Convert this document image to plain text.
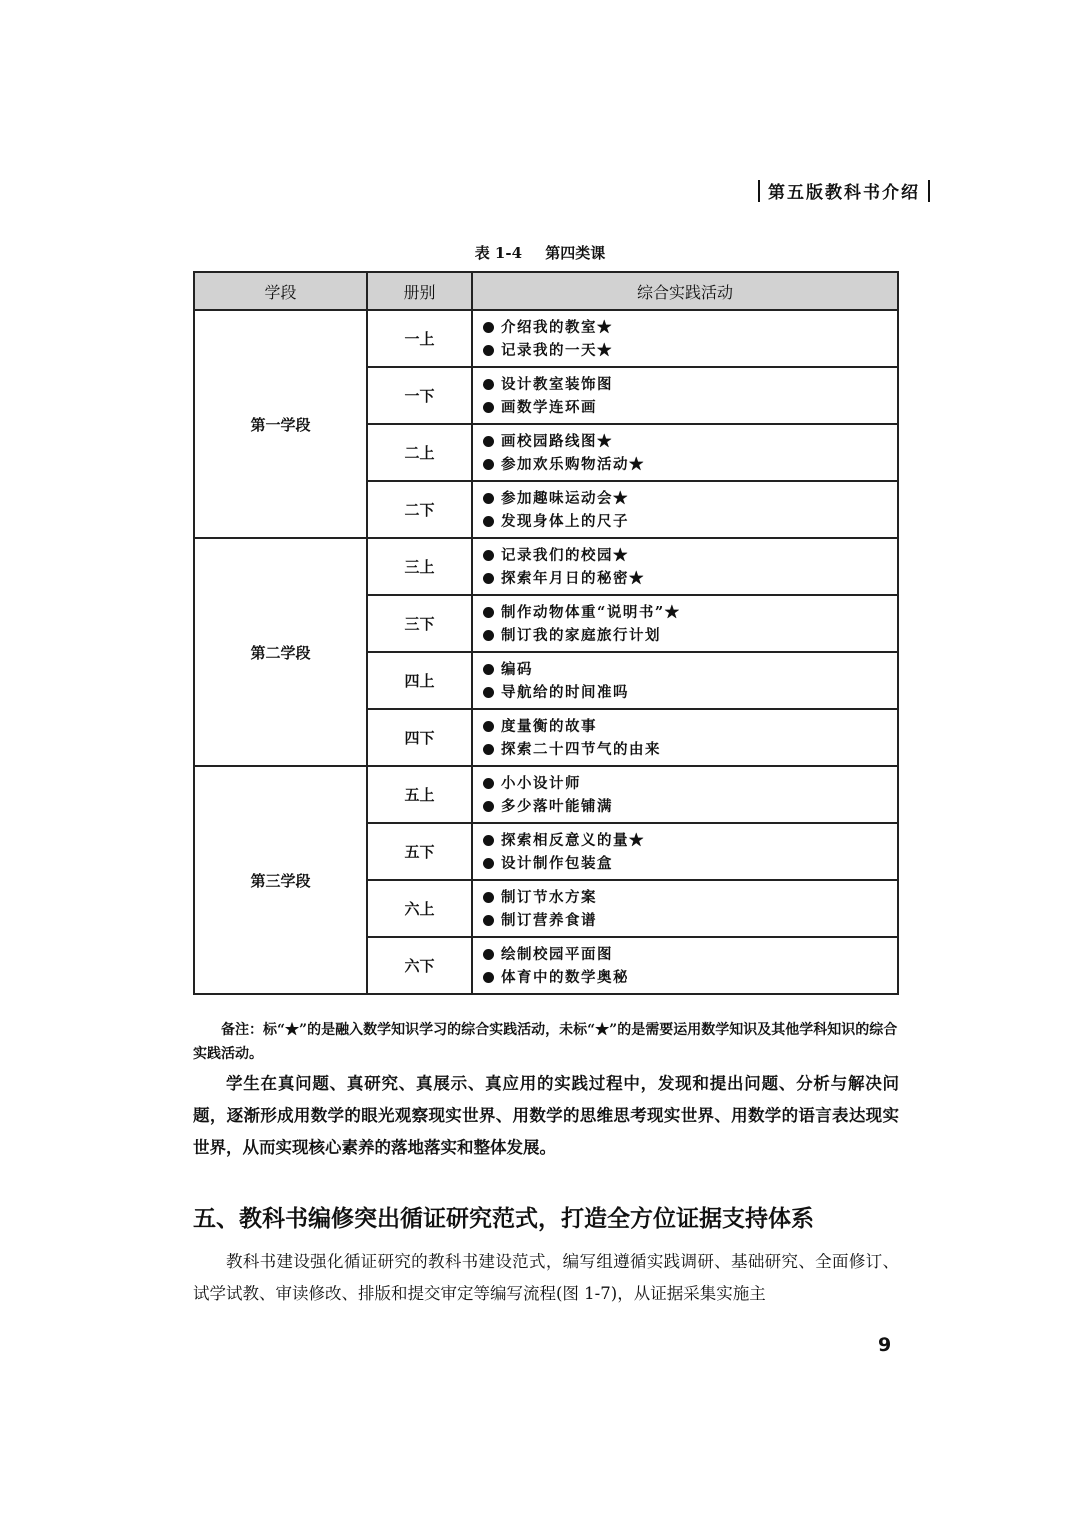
第五版教科书介绍
表 1-4 第四类课
学段	册别	综合实践活动
第一学段	一上	介绍我的教室★
记录我的一天★

	一下	设计教室装饰图
画数学连环画

	二上	画校园路线图★
参加欢乐购物活动★

	二下	参加趣味运动会★
发现身体上的尺子

第二学段	三上	记录我们的校园★
探索年月日的秘密★

	三下	制作动物体重“说明书”★
制订我的家庭旅行计划

	四上	编码
导航给的时间准吗

	四下	度量衡的故事
探索二十四节气的由来

第三学段	五上	小小设计师
多少落叶能铺满

	五下	探索相反意义的量★
设计制作包装盒

	六上	制订节水方案
制订营养食谱

	六下	绘制校园平面图
体育中的数学奥秘
备注：标“★”的是融入数学知识学习的综合实践活动，未标“★”的是需要运用数学知识及其他学科知识的综合实践活动。
学生在真问题、真研究、真展示、真应用的实践过程中，发现和提出问题、分析与解决问题，逐渐形成用数学的眼光观察现实世界、用数学的思维思考现实世界、用数学的语言表达现实世界，从而实现核心素养的落地落实和整体发展。
五、教科书编修突出循证研究范式，打造全方位证据支持体系
教科书建设强化循证研究的教科书建设范式，编写组遵循实践调研、基础研究、全面修订、试学试教、审读修改、排版和提交审定等编写流程(图 1-7)，从证据采集实施主
9
